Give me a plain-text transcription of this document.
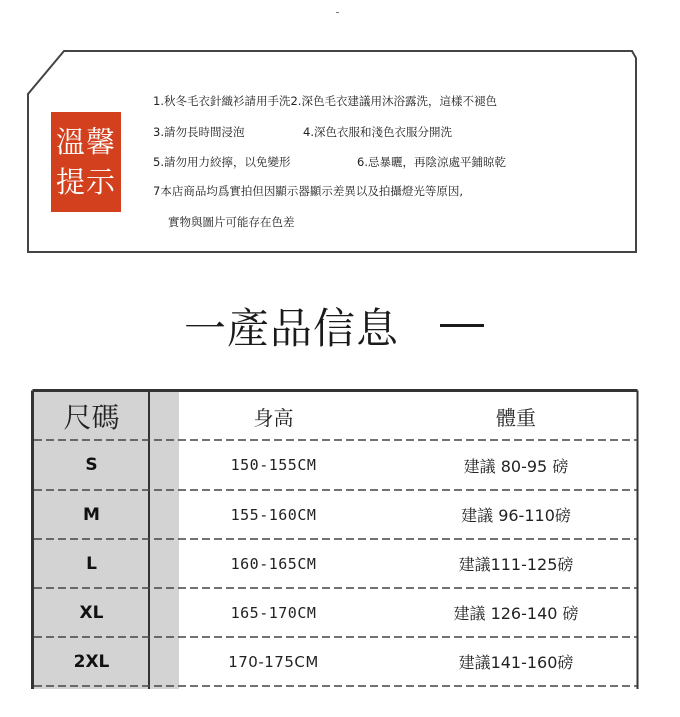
溫馨
提示
1.秋冬毛衣針織衫請用手洗2.深色毛衣建議用沐浴露洗，這樣不褪色
3.請勿長時間浸泡	4.深色衣服和淺色衣服分開洗
5.請勿用力絞擰，以免變形	6.忌暴曬，再陰涼處平鋪晾乾
7本店商品均爲實拍但因顯示器顯示差異以及拍攝燈光等原因,
實物與圖片可能存在色差
一產品信息
尺碼	身高	體重
S	150-155CM	建議 80-95 磅
M	155-160CM	建議 96-110磅
L	160-165CM	建議111-125磅
XL	165-170CM	建議 126-140 磅
2XL	170-175CM	建議141-160磅
